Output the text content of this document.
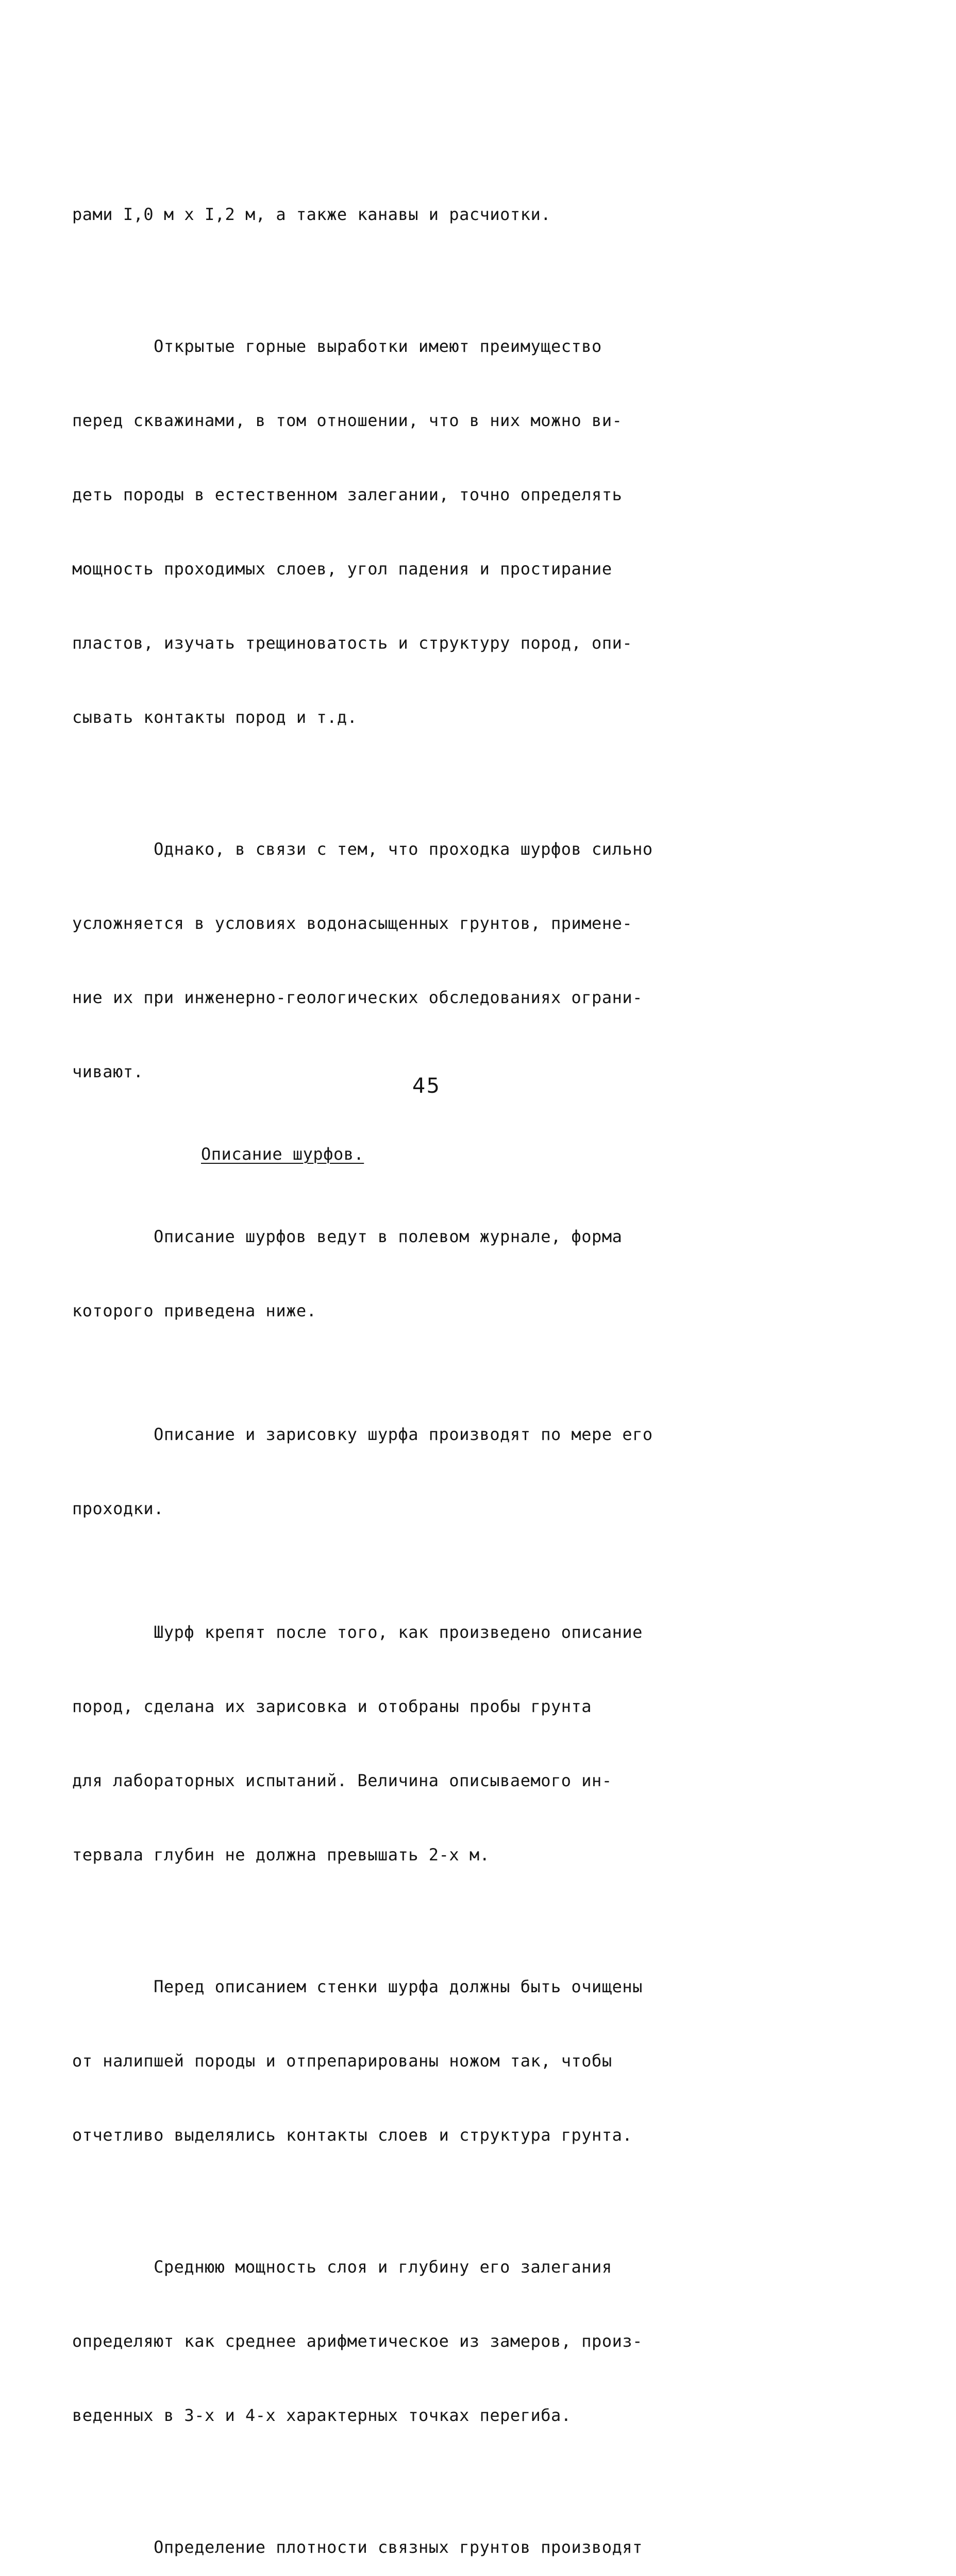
рами I,0 м x I,2 м, а также канавы и расчиотки.

Открытые горные выработки имеют преимущество

перед скважинами, в том отношении, что в них можно ви-

деть породы в естественном залегании, точно определять

мощность проходимых слоев, угол падения и простирание

пластов, изучать трещиноватость и структуру пород, опи-

сывать контакты пород и т.д.

Однако, в связи с тем, что проходка шурфов сильно

усложняется в условиях водонасыщенных грунтов, примене-

ние их при инженерно-геологических обследованиях ограни-

чивают.

Описание шурфов.

Описание шурфов ведут в полевом журнале, форма

которого приведена ниже.

Описание и зарисовку шурфа производят по мере его

проходки.

Шурф крепят после того, как произведено описание

пород, сделана их зарисовка и отобраны пробы грунта

для лабораторных испытаний. Величина описываемого ин-

тервала глубин не должна превышать 2-х м.

Перед описанием стенки шурфа должны быть очищены

от налипшей породы и отпрепарированы ножом так, чтобы

отчетливо выделялись контакты слоев и структура грунта.

Среднюю мощность слоя и глубину его залегания

определяют как среднее арифметическое из замеров, произ-

веденных в 3-х и 4-х характерных точках перегиба.

Определение плотности связных грунтов производят

45
